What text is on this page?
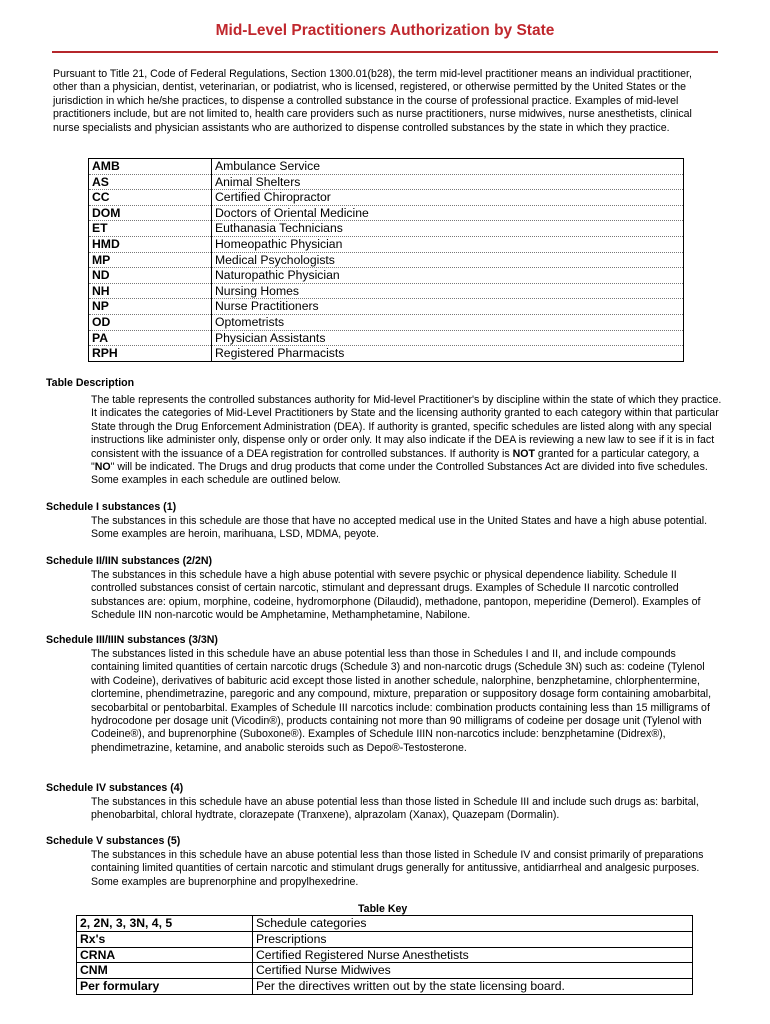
Mid-Level Practitioners Authorization by State
Pursuant to Title 21, Code of Federal Regulations, Section 1300.01(b28), the term mid-level practitioner means an individual practitioner, other than a physician, dentist, veterinarian, or podiatrist, who is licensed, registered, or otherwise permitted by the United States or the jurisdiction in which he/she practices, to dispense a controlled substance in the course of professional practice. Examples of mid-level practitioners include, but are not limited to, health care providers such as nurse practitioners, nurse midwives, nurse anesthetists, clinical nurse specialists and physician assistants who are authorized to dispense controlled substances by the state in which they practice.
AMB	Ambulance Service
AS	Animal Shelters
CC	Certified Chiropractor
DOM	Doctors of Oriental Medicine
ET	Euthanasia Technicians
HMD	Homeopathic Physician
MP	Medical Psychologists
ND	Naturopathic Physician
NH	Nursing Homes
NP	Nurse Practitioners
OD	Optometrists
PA	Physician Assistants
RPH	Registered Pharmacists
Table Description
The table represents the controlled substances authority for Mid-level Practitioner's by discipline within the state of which they practice. It indicates the categories of Mid-Level Practitioners by State and the licensing authority granted to each category within that particular State through the Drug Enforcement Administration (DEA). If authority is granted, specific schedules are listed along with any special instructions like administer only, dispense only or order only. It may also indicate if the DEA is reviewing a new law to see if it is in fact consistent with the issuance of a DEA registration for controlled substances. If authority is NOT granted for a particular category, a "NO" will be indicated. The Drugs and drug products that come under the Controlled Substances Act are divided into five schedules. Some examples in each schedule are outlined below.
Schedule I substances (1)
The substances in this schedule are those that have no accepted medical use in the United States and have a high abuse potential. Some examples are heroin, marihuana, LSD, MDMA, peyote.
Schedule II/IIN substances (2/2N)
The substances in this schedule have a high abuse potential with severe psychic or physical dependence liability. Schedule II controlled substances consist of certain narcotic, stimulant and depressant drugs. Examples of Schedule II narcotic controlled substances are: opium, morphine, codeine, hydromorphone (Dilaudid), methadone, pantopon, meperidine (Demerol). Examples of Schedule IIN non-narcotic would be Amphetamine, Methamphetamine, Nabilone.
Schedule III/IIIN substances (3/3N)
The substances listed in this schedule have an abuse potential less than those in Schedules I and II, and include compounds containing limited quantities of certain narcotic drugs (Schedule 3) and non-narcotic drugs (Schedule 3N) such as: codeine (Tylenol with Codeine), derivatives of babituric acid except those listed in another schedule, nalorphine, benzphetamine, chlorphentermine, clortemine, phendimetrazine, paregoric and any compound, mixture, preparation or suppository dosage form containing amobarbital, secobarbital or pentobarbital. Examples of Schedule III narcotics include: combination products containing less than 15 milligrams of hydrocodone per dosage unit (Vicodin®), products containing not more than 90 milligrams of codeine per dosage unit (Tylenol with Codeine®), and buprenorphine (Suboxone®). Examples of Schedule IIIN non-narcotics include: benzphetamine (Didrex®), phendimetrazine, ketamine, and anabolic steroids such as Depo®-Testosterone.
Schedule IV substances (4)
The substances in this schedule have an abuse potential less than those listed in Schedule III and include such drugs as: barbital, phenobarbital, chloral hydtrate, clorazepate (Tranxene), alprazolam (Xanax), Quazepam (Dormalin).
Schedule V substances (5)
The substances in this schedule have an abuse potential less than those listed in Schedule IV and consist primarily of preparations containing limited quantities of certain narcotic and stimulant drugs generally for antitussive, antidiarrheal and analgesic purposes. Some examples are buprenorphine and propylhexedrine.
Table Key
2, 2N, 3, 3N, 4, 5	Schedule categories
Rx's	Prescriptions
CRNA	Certified Registered Nurse Anesthetists
CNM	Certified Nurse Midwives
Per formulary	Per the directives written out by the state licensing board.
